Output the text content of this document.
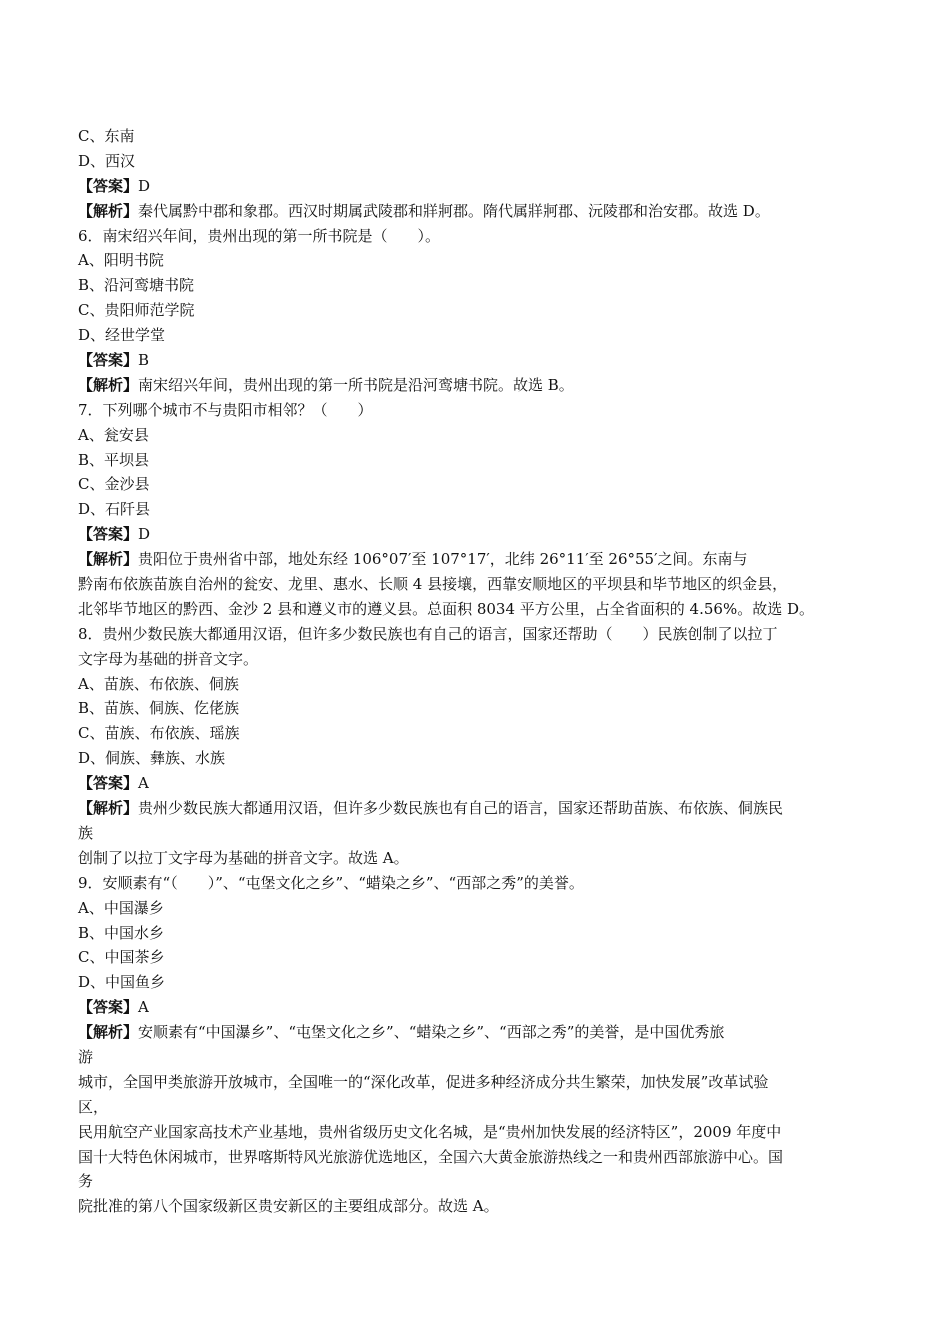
C、东南
D、西汉
【答案】D
【解析】秦代属黔中郡和象郡。西汉时期属武陵郡和牂牁郡。隋代属牂牁郡、沅陵郡和治安郡。故选 D。
6．南宋绍兴年间，贵州出现的第一所书院是（　　）。
A、阳明书院
B、沿河鸾塘书院
C、贵阳师范学院
D、经世学堂
【答案】B
【解析】南宋绍兴年间，贵州出现的第一所书院是沿河鸾塘书院。故选 B。
7．下列哪个城市不与贵阳市相邻？（　　）
A、瓮安县
B、平坝县
C、金沙县
D、石阡县
【答案】D
【解析】贵阳位于贵州省中部，地处东经 106°07′至 107°17′，北纬 26°11′至 26°55′之间。东南与
黔南布依族苗族自治州的瓮安、龙里、惠水、长顺 4 县接壤，西靠安顺地区的平坝县和毕节地区的织金县，
北邻毕节地区的黔西、金沙 2 县和遵义市的遵义县。总面积 8034 平方公里，占全省面积的 4.56%。故选 D。
8．贵州少数民族大都通用汉语，但许多少数民族也有自己的语言，国家还帮助（　　）民族创制了以拉丁
文字母为基础的拼音文字。
A、苗族、布依族、侗族
B、苗族、侗族、仡佬族
C、苗族、布依族、瑶族
D、侗族、彝族、水族
【答案】A
【解析】贵州少数民族大都通用汉语，但许多少数民族也有自己的语言，国家还帮助苗族、布依族、侗族民
族
创制了以拉丁文字母为基础的拼音文字。故选 A。
9．安顺素有“（　　）”、“屯堡文化之乡”、“蜡染之乡”、“西部之秀”的美誉。
A、中国瀑乡
B、中国水乡
C、中国茶乡
D、中国鱼乡
【答案】A
【解析】安顺素有“中国瀑乡”、“屯堡文化之乡”、“蜡染之乡”、“西部之秀”的美誉，是中国优秀旅
游
城市，全国甲类旅游开放城市，全国唯一的“深化改革，促进多种经济成分共生繁荣，加快发展”改革试验
区，
民用航空产业国家高技术产业基地，贵州省级历史文化名城，是“贵州加快发展的经济特区”，2009 年度中
国十大特色休闲城市，世界喀斯特风光旅游优选地区，全国六大黄金旅游热线之一和贵州西部旅游中心。国
务
院批准的第八个国家级新区贵安新区的主要组成部分。故选 A。
